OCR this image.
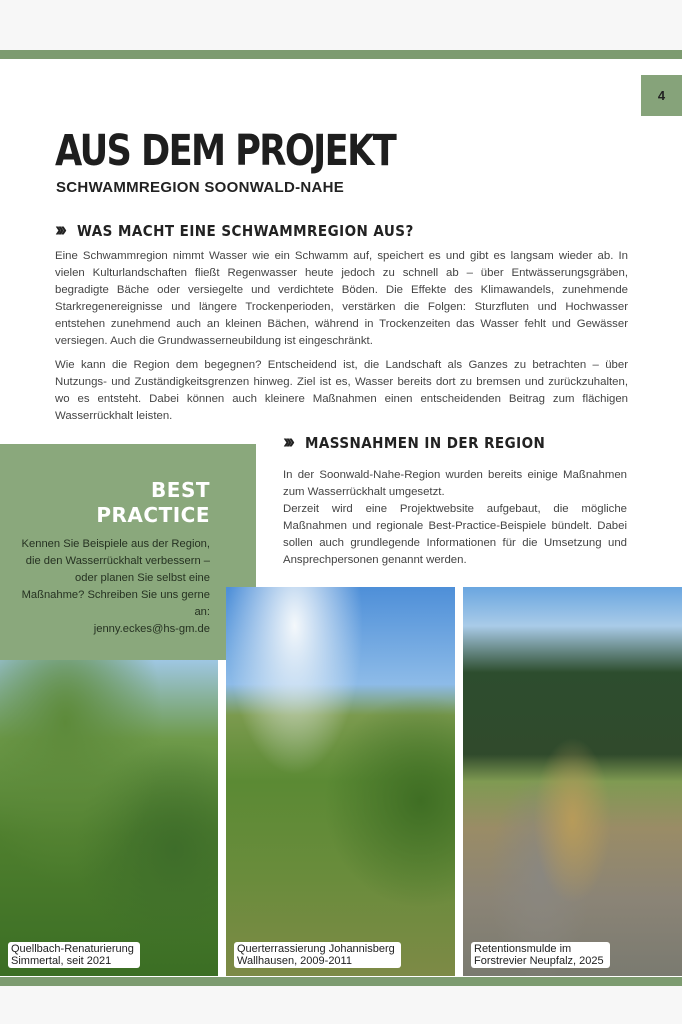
4
AUS DEM PROJEKT
SCHWAMMREGION SOONWALD-NAHE
››› WAS MACHT EINE SCHWAMMREGION AUS?

Eine Schwammregion nimmt Wasser wie ein Schwamm auf, speichert es und gibt es langsam wieder ab. In vielen Kulturlandschaften fließt Regenwasser heute jedoch zu schnell ab – über Entwässerungsgräben, begradigte Bäche oder versiegelte und verdichtete Böden. Die Effekte des Klimawandels, zunehmende Starkregenereignisse und längere Trockenperioden, verstärken die Folgen: Sturzfluten und Hochwasser entstehen zunehmend auch an kleinen Bächen, während in Trockenzeiten das Wasser fehlt und Gewässer versiegen. Auch die Grundwasserneubildung ist eingeschränkt.

Wie kann die Region dem begegnen? Entscheidend ist, die Landschaft als Ganzes zu betrachten – über Nutzungs- und Zuständigkeitsgrenzen hinweg. Ziel ist es, Wasser bereits dort zu bremsen und zurückzuhalten, wo es entsteht. Dabei können auch kleinere Maßnahmen einen entscheidenden Beitrag zum flächigen Wasserrückhalt leisten.

BEST
PRACTICE
Kennen Sie Beispiele aus der Region, die den Wasserrückhalt verbessern – oder planen Sie selbst eine Maßnahme? Schreiben Sie uns gerne an:
jenny.eckes@hs-gm.de
››› MASSNAHMEN IN DER REGION

In der Soonwald-Nahe-Region wurden bereits einige Maßnahmen zum Wasserrückhalt umgesetzt.

Derzeit wird eine Projektwebsite aufgebaut, die mögliche Maßnahmen und regionale Best-Practice-Beispiele bündelt. Dabei sollen auch grundlegende Informationen für die Umsetzung und Ansprechpersonen genannt werden.

Quellbach-Renaturierung
Simmertal, seit 2021
Querterrassierung Johannisberg
Wallhausen, 2009-2011
Retentionsmulde im
Forstrevier Neupfalz, 2025
